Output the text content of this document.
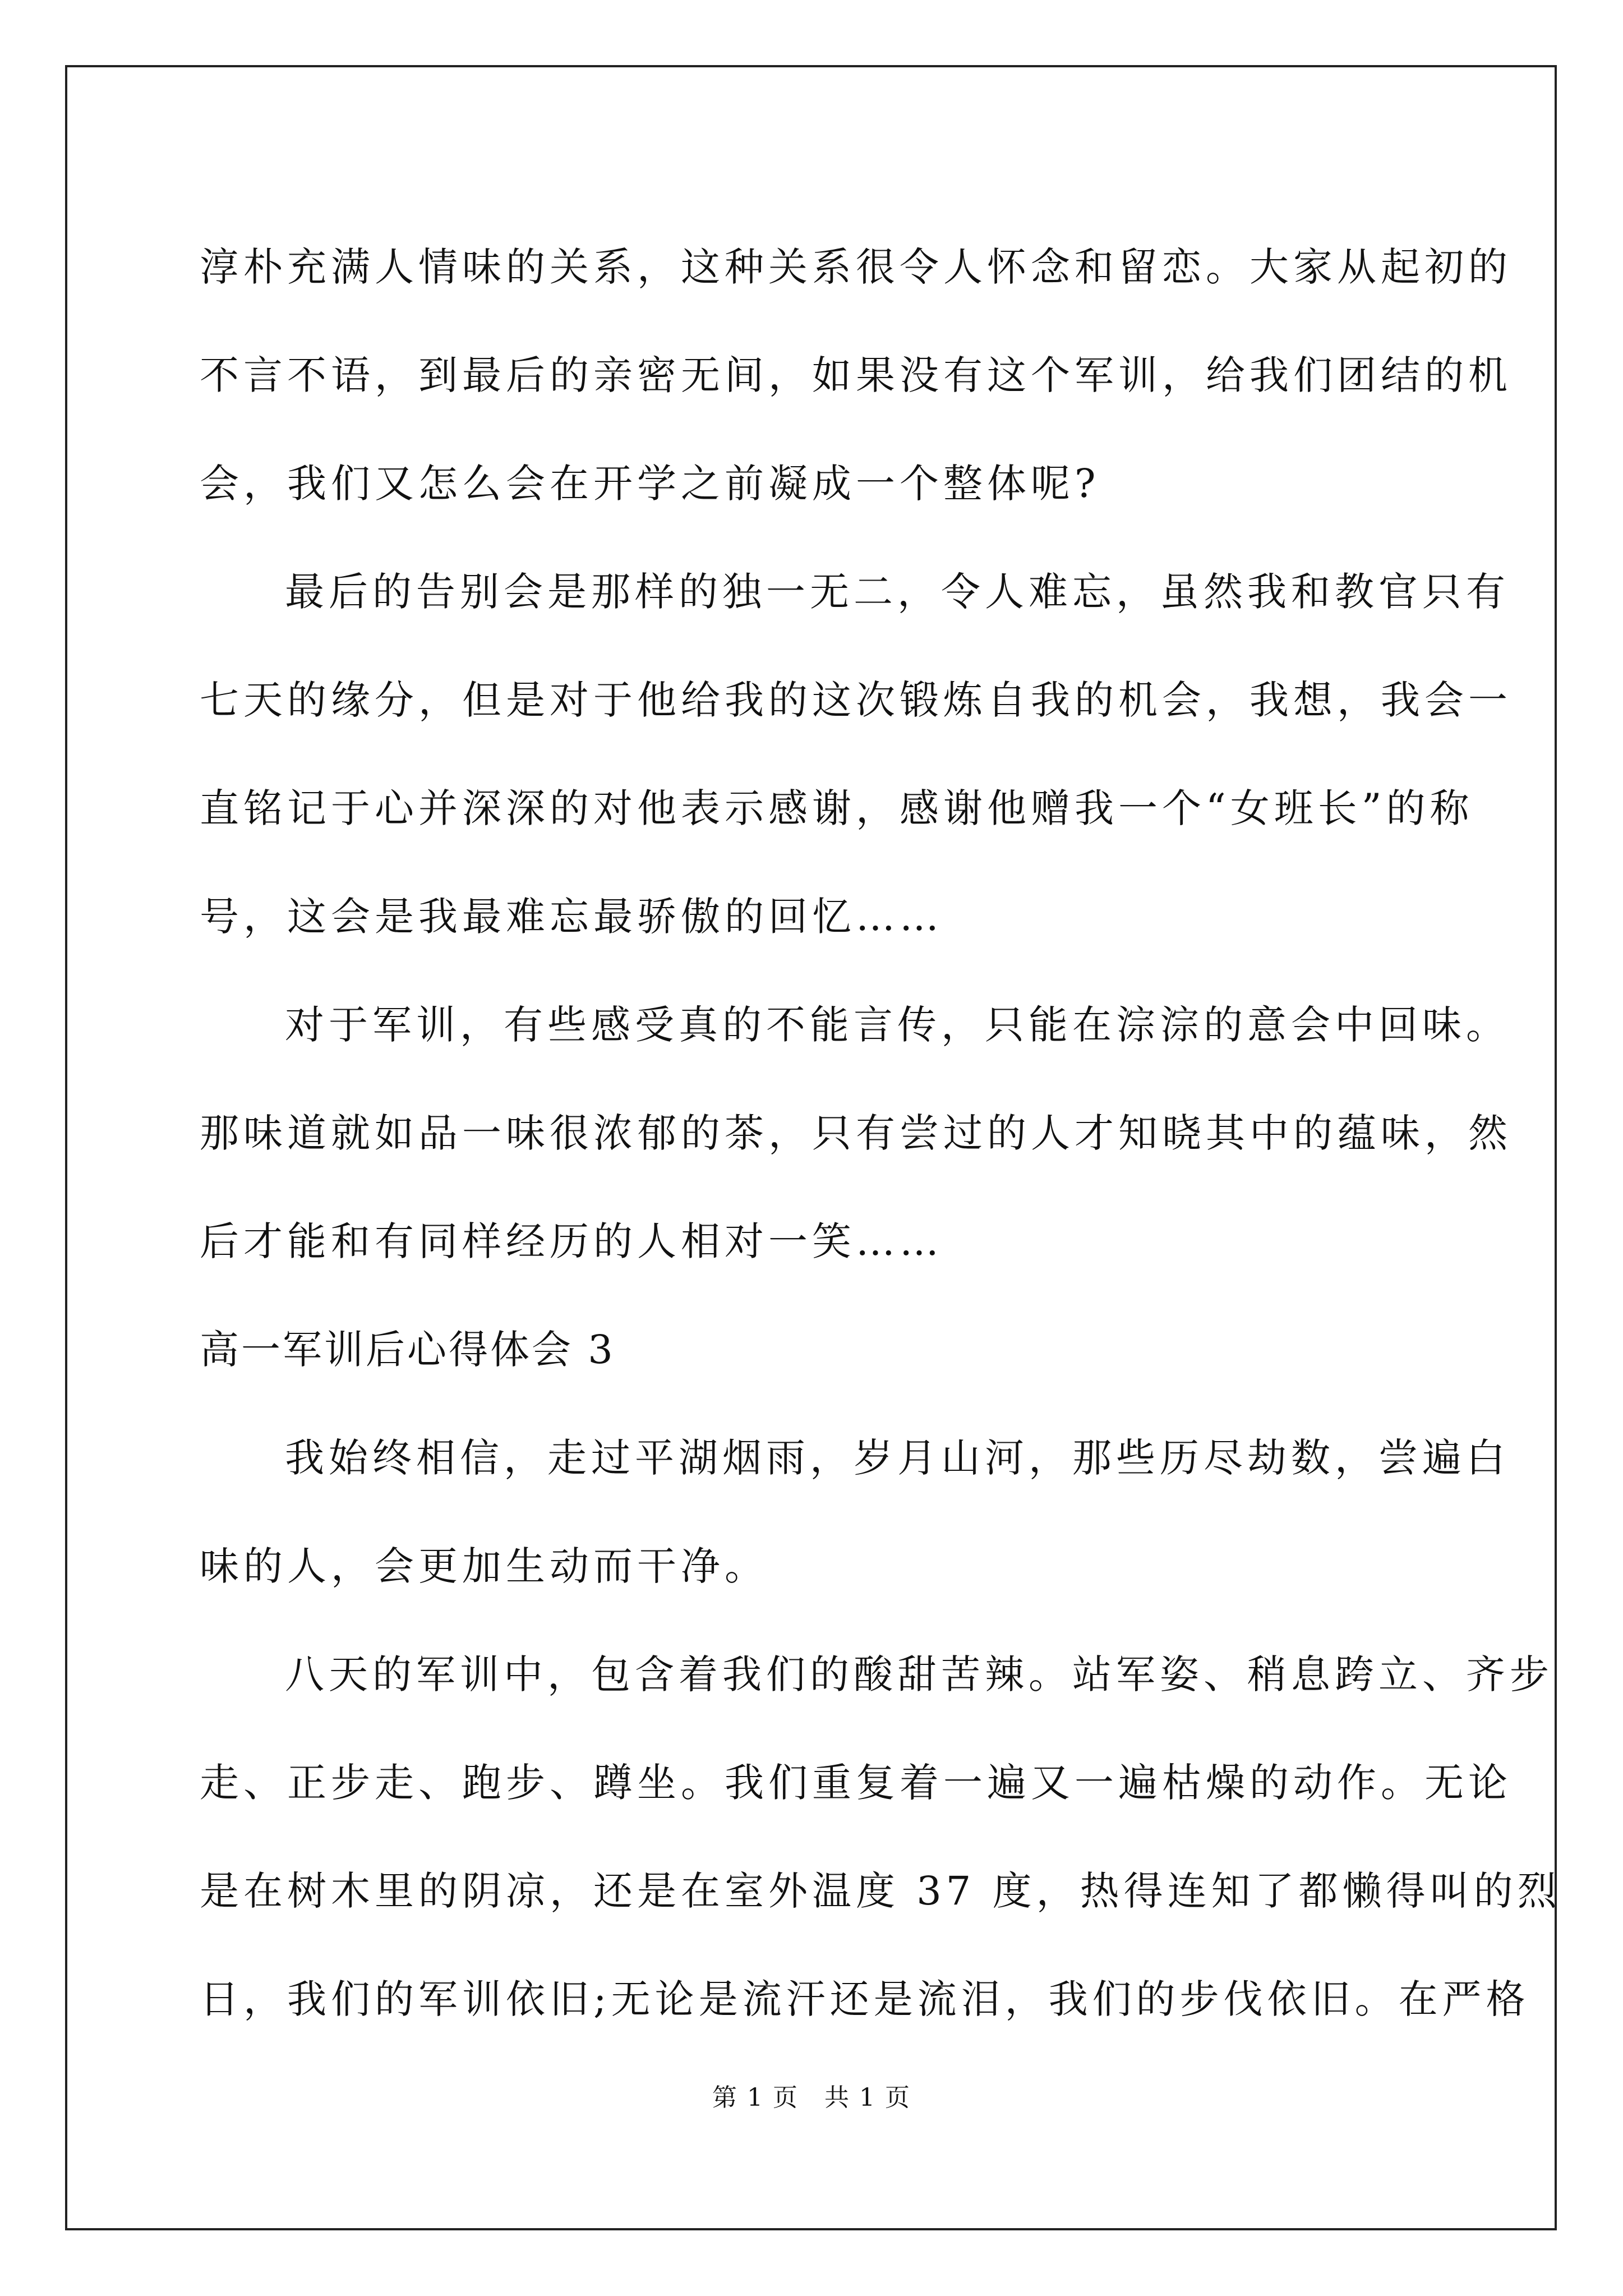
淳朴充满人情味的关系，这种关系很令人怀念和留恋。大家从起初的
不言不语，到最后的亲密无间，如果没有这个军训，给我们团结的机
会，我们又怎么会在开学之前凝成一个整体呢?
最后的告别会是那样的独一无二，令人难忘，虽然我和教官只有
七天的缘分，但是对于他给我的这次锻炼自我的机会，我想，我会一
直铭记于心并深深的对他表示感谢，感谢他赠我一个“女班长”的称
号，这会是我最难忘最骄傲的回忆……
对于军训，有些感受真的不能言传，只能在淙淙的意会中回味。
那味道就如品一味很浓郁的茶，只有尝过的人才知晓其中的蕴味，然
后才能和有同样经历的人相对一笑……
高一军训后心得体会 3
我始终相信，走过平湖烟雨，岁月山河，那些历尽劫数，尝遍白
味的人，会更加生动而干净。
八天的军训中，包含着我们的酸甜苦辣。站军姿、稍息跨立、齐步
走、正步走、跑步、蹲坐。我们重复着一遍又一遍枯燥的动作。无论
是在树木里的阴凉，还是在室外温度 37 度，热得连知了都懒得叫的烈
日，我们的军训依旧;无论是流汗还是流泪，我们的步伐依旧。在严格
第 1 页　共 1 页
